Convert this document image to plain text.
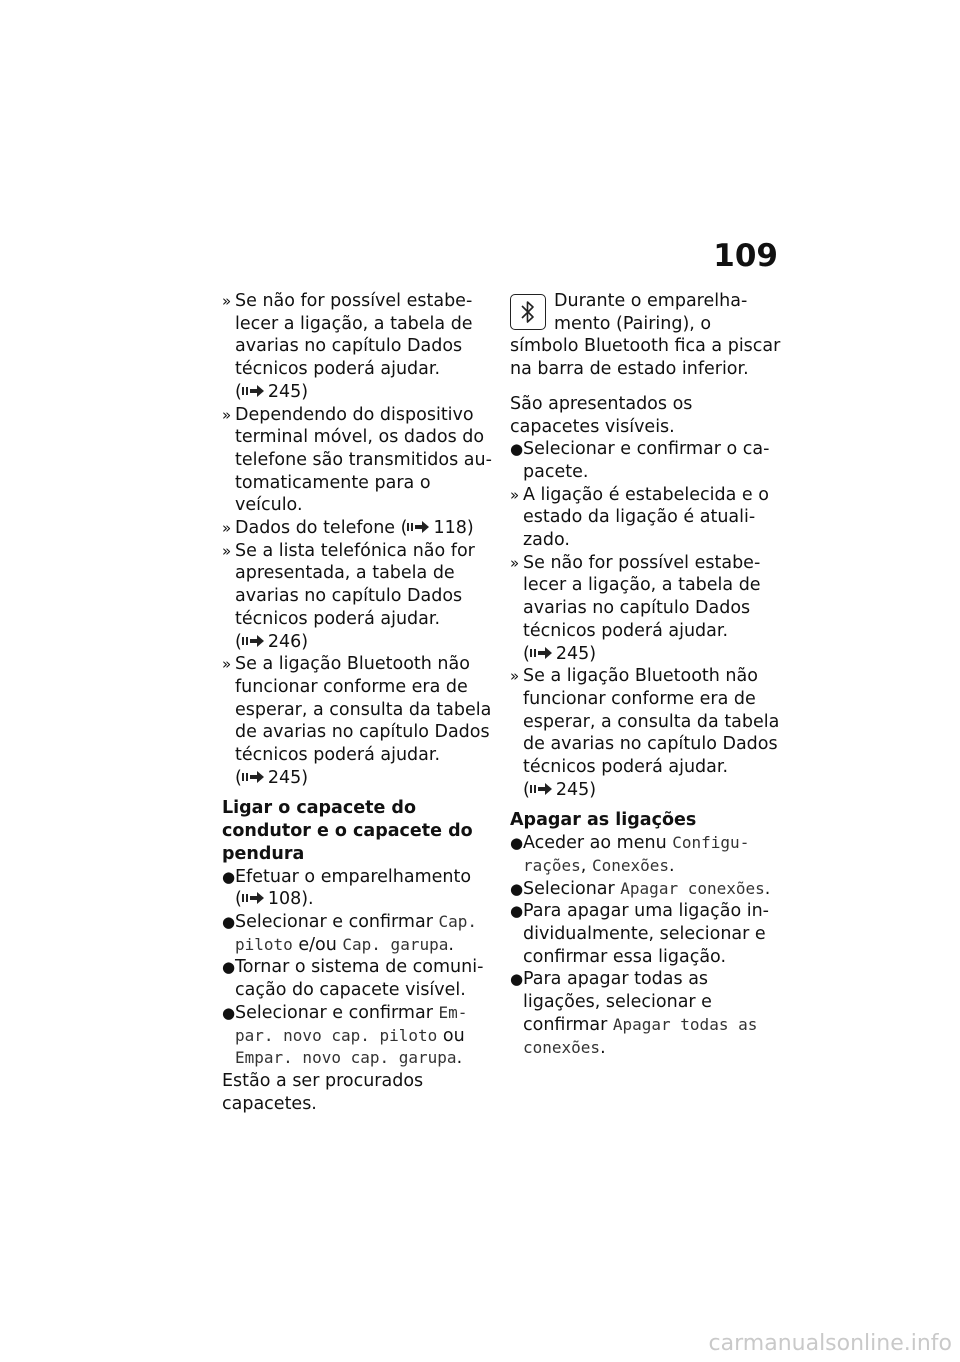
109
» Se não for possível estabelecer a ligação, a tabela de avarias no capítulo Dados técnicos poderá ajudar.
( 245)
» Dependendo do dispositivo terminal móvel, os dados do telefone são transmitidos automaticamente para o veículo.
» Dados do telefone ( 118)
» Se a lista telefónica não for apresentada, a tabela de avarias no capítulo Dados técnicos poderá ajudar.
( 246)
» Se a ligação Bluetooth não funcionar conforme era de esperar, a consulta da tabela de avarias no capítulo Dados técnicos poderá ajudar.
( 245)
Ligar o capacete do condutor e o capacete do pendura
● Efetuar o emparelhamento
( 108).
● Selecionar e confirmar Cap. piloto e/ou Cap. garupa.
● Tornar o sistema de comunicação do capacete visível.
● Selecionar e confirmar Empar. novo cap. piloto ou Empar. novo cap. garupa.
Estão a ser procurados capacetes.
Durante o emparelhamento (Pairing), o símbolo Bluetooth fica a piscar na barra de estado inferior.
São apresentados os capacetes visíveis.
● Selecionar e confirmar o capacete.
» A ligação é estabelecida e o estado da ligação é atualizado.
» Se não for possível estabelecer a ligação, a tabela de avarias no capítulo Dados técnicos poderá ajudar.
( 245)
» Se a ligação Bluetooth não funcionar conforme era de esperar, a consulta da tabela de avarias no capítulo Dados técnicos poderá ajudar.
( 245)
Apagar as ligações
● Aceder ao menu Configurações, Conexões.
● Selecionar Apagar conexões.
● Para apagar uma ligação individualmente, selecionar e confirmar essa ligação.
● Para apagar todas as ligações, selecionar e confirmar Apagar todas as conexões.
carmanualsonline.info
